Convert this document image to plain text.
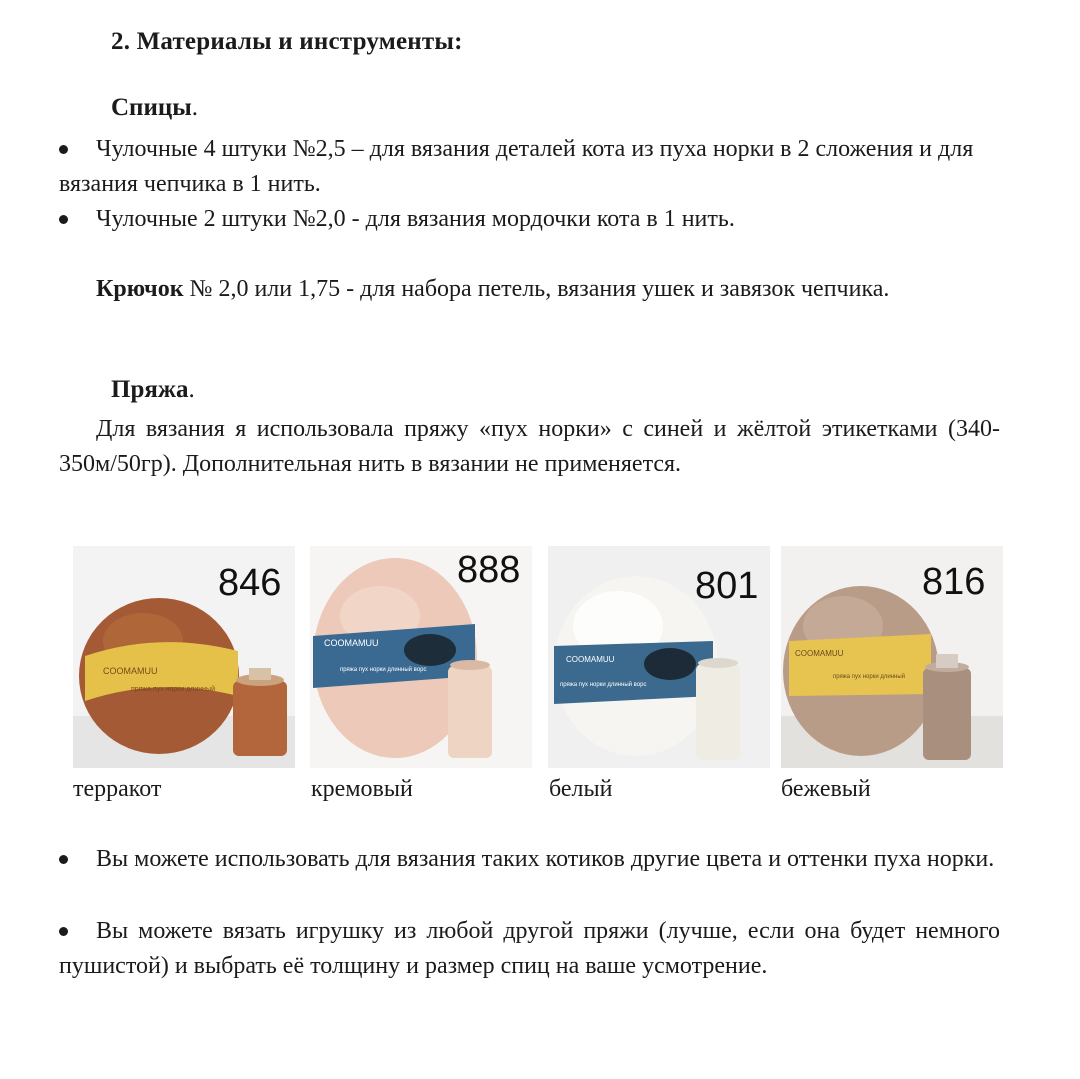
2. Материалы и инструменты:
Спицы.
Чулочные 4 штуки №2,5 – для вязания деталей кота из пуха норки в 2 сложения и для вязания чепчика в 1 нить.
Чулочные 2 штуки №2,0 - для вязания мордочки кота в 1 нить.
Крючок № 2,0 или 1,75 - для набора петель, вязания ушек и завязок чепчика.
Пряжа.
Для вязания я использовала пряжу «пух норки» с синей и жёлтой этикетками (340-350м/50гр). Дополнительная нить в вязании не применяется.
COOMAMUU
пряжа пух норки длинный
COOMAMUU
пряжа пух норки длинный ворс
COOMAMUU
пряжа пух норки длинный ворс
COOMAMUU
пряжа пух норки длинный
846	888	801	816
терракот	кремовый	белый	бежевый
Вы можете использовать для вязания таких котиков другие цвета и оттенки пуха норки.
Вы можете вязать игрушку из любой другой пряжи (лучше, если она будет немного пушистой) и выбрать её толщину и размер спиц на ваше усмотрение.
